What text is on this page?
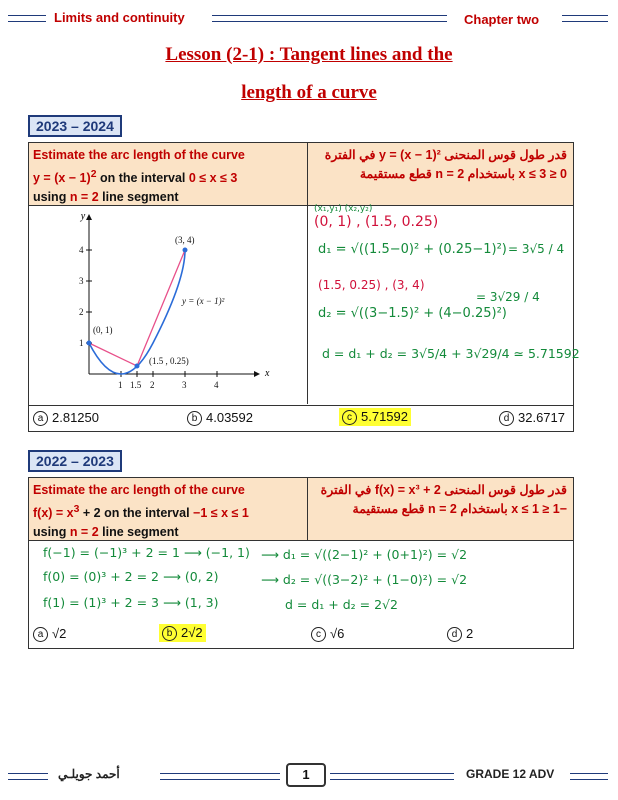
Limits and continuity	Chapter two
Lesson (2-1) : Tangent lines and the
length of a curve
2023 – 2024
Estimate the arc length of the curve
$y = (x - 1)^2$ on the interval 0 ≤ x ≤ 3
using n = 2 line segment
قدر طول قوس المنحنى y = (x − 1)² في الفترة
0 ≤ x ≤ 3 باستخدام n = 2 قطع مستقيمة
y
x
1
2
3
4
1 1.5 2	3	4
(0, 1)
(1.5 , 0.25)
(3, 4)
y = (x − 1)²
(x₁,y₁) (x₂,y₂)
(0, 1) , (1.5, 0.25)
d₁ = √((1.5−0)² + (0.25−1)²) = 3√5 / 4
(1.5, 0.25) , (3, 4)
d₂ = √((3−1.5)² + (4−0.25)²)
= 3√29 / 4
d = d₁ + d₂ = 3√5/4 + 3√29/4 ≃ 5.71592
a 2.81250	b 4.03592	c 5.71592	d 32.6717
2022 – 2023
Estimate the arc length of the curve
$f(x) = x^3 + 2$ on the interval −1 ≤ x ≤ 1
using n = 2 line segment
قدر طول قوس المنحنى f(x) = x³ + 2 في الفترة
−1 ≤ x ≤ 1 باستخدام n = 2 قطع مستقيمة
f(−1) = (−1)³ + 2 = 1 ⟶ (−1, 1)
f(0) = (0)³ + 2 = 2 ⟶ (0, 2)
f(1) = (1)³ + 2 = 3 ⟶ (1, 3)
⟶ d₁ = √((2−1)² + (0+1)²) = √2
⟶ d₂ = √((3−2)² + (1−0)²) = √2
d = d₁ + d₂ = 2√2
a √2	b 2√2	c √6	d 2
أحمد جويلـي	1	GRADE 12 ADV
